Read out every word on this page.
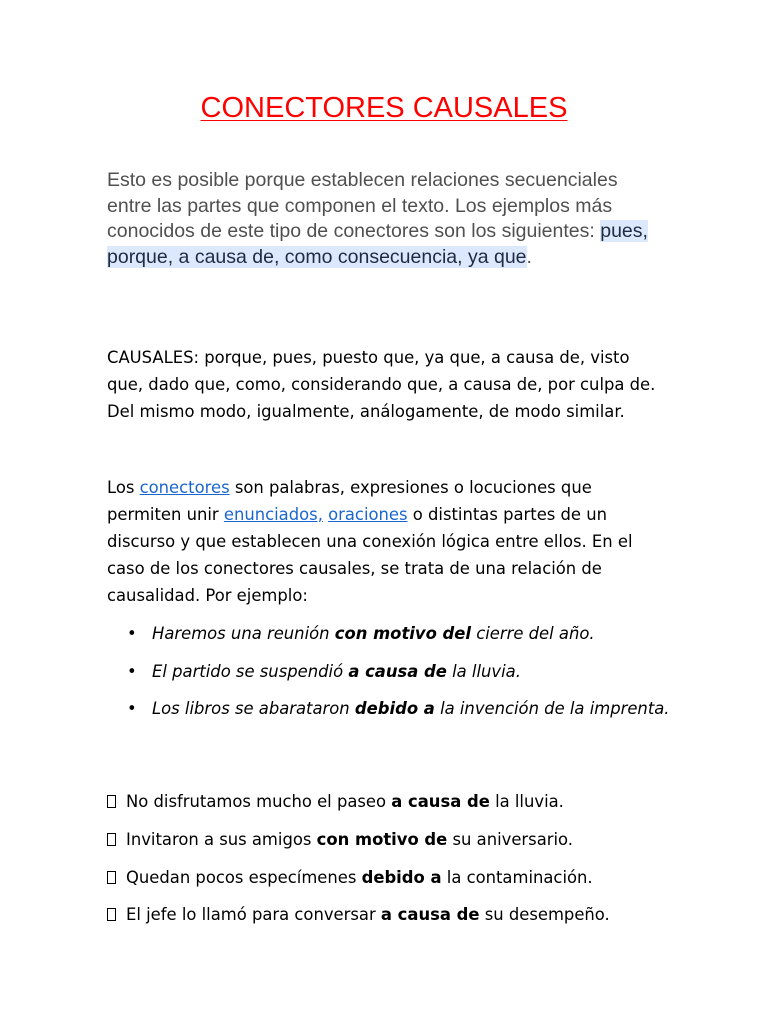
CONECTORES CAUSALES
Esto es posible porque establecen relaciones secuenciales entre las partes que componen el texto. Los ejemplos más conocidos de este tipo de conectores son los siguientes: pues, porque, a causa de, como consecuencia, ya que.
CAUSALES: porque, pues, puesto que, ya que, a causa de, visto que, dado que, como, considerando que, a causa de, por culpa de. Del mismo modo, igualmente, análogamente, de modo similar.
Los conectores son palabras, expresiones o locuciones que permiten unir enunciados, oraciones o distintas partes de un discurso y que establecen una conexión lógica entre ellos. En el caso de los conectores causales, se trata de una relación de causalidad. Por ejemplo:
• Haremos una reunión con motivo del cierre del año.
• El partido se suspendió a causa de la lluvia.
• Los libros se abarataron debido a la invención de la imprenta.
No disfrutamos mucho el paseo a causa de la lluvia.
Invitaron a sus amigos con motivo de su aniversario.
Quedan pocos especímenes debido a la contaminación.
El jefe lo llamó para conversar a causa de su desempeño.
